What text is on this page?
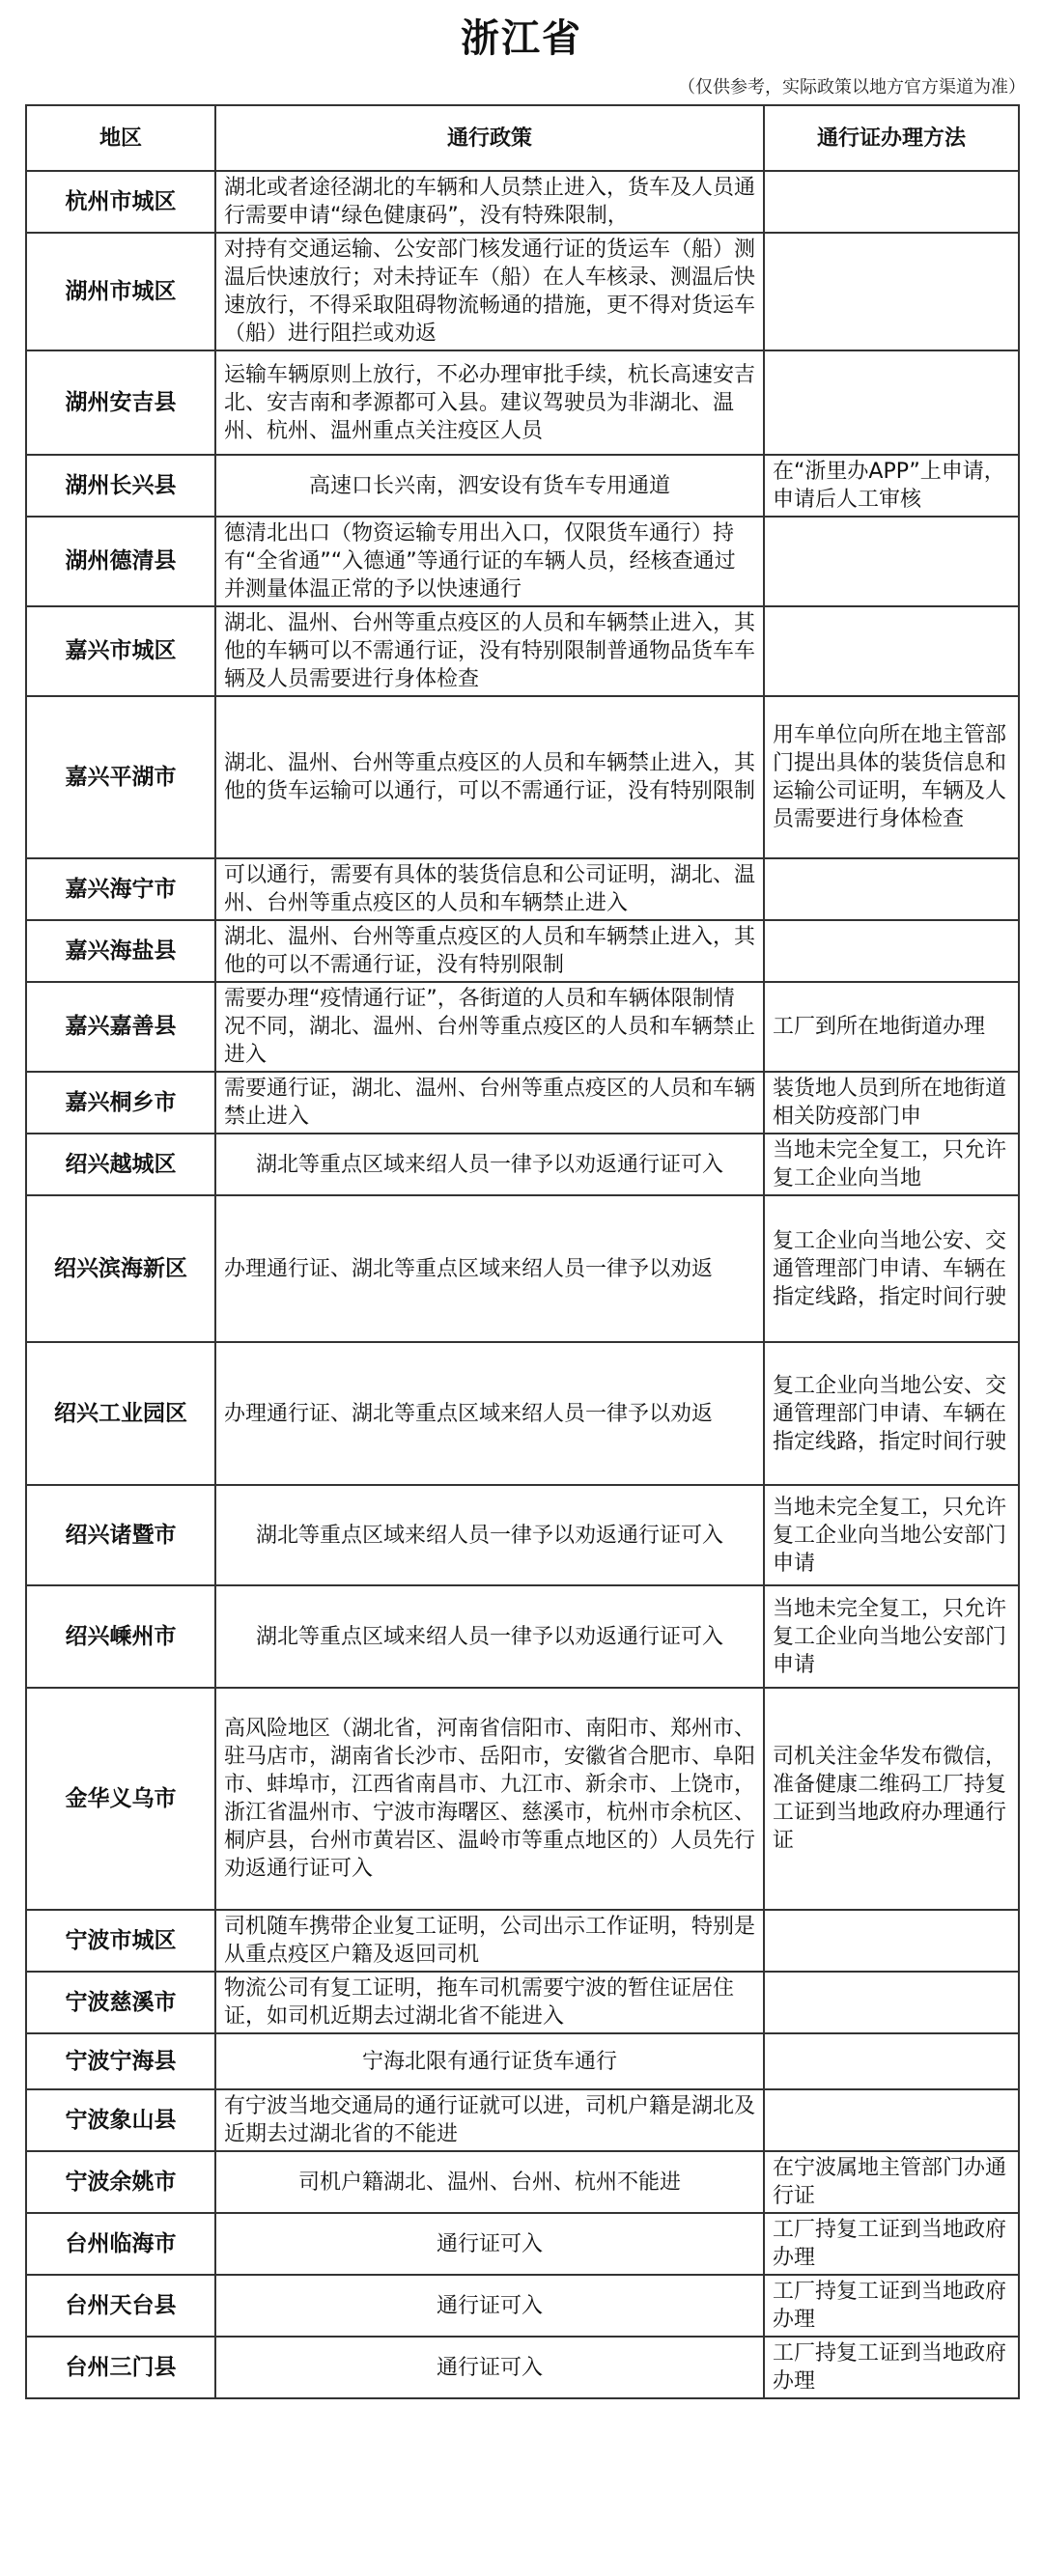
浙江省
（仅供参考，实际政策以地方官方渠道为准）
地区	通行政策	通行证办理方法
杭州市城区	湖北或者途径湖北的车辆和人员禁止进入，货车及人员通行需要申请“绿色健康码”，没有特殊限制，	
湖州市城区	对持有交通运输、公安部门核发通行证的货运车（船）测温后快速放行；对未持证车（船）在人车核录、测温后快速放行，不得采取阻碍物流畅通的措施，更不得对货运车（船）进行阻拦或劝返	
湖州安吉县	运输车辆原则上放行，不必办理审批手续，杭长高速安吉北、安吉南和孝源都可入县。建议驾驶员为非湖北、温州、杭州、温州重点关注疫区人员	
湖州长兴县	高速口长兴南，泗安设有货车专用通道	在“浙里办APP”上申请，申请后人工审核
湖州德清县	德清北出口（物资运输专用出入口，仅限货车通行）持有“全省通”“入德通”等通行证的车辆人员，经核查通过并测量体温正常的予以快速通行	
嘉兴市城区	湖北、温州、台州等重点疫区的人员和车辆禁止进入，其他的车辆可以不需通行证，没有特别限制普通物品货车车辆及人员需要进行身体检查	
嘉兴平湖市	湖北、温州、台州等重点疫区的人员和车辆禁止进入，其他的货车运输可以通行，可以不需通行证，没有特别限制	用车单位向所在地主管部门提出具体的装货信息和运输公司证明，车辆及人员需要进行身体检查
嘉兴海宁市	可以通行，需要有具体的装货信息和公司证明，湖北、温州、台州等重点疫区的人员和车辆禁止进入	
嘉兴海盐县	湖北、温州、台州等重点疫区的人员和车辆禁止进入，其他的可以不需通行证，没有特别限制	
嘉兴嘉善县	需要办理“疫情通行证”，各街道的人员和车辆体限制情况不同，湖北、温州、台州等重点疫区的人员和车辆禁止进入	工厂到所在地街道办理
嘉兴桐乡市	需要通行证，湖北、温州、台州等重点疫区的人员和车辆禁止进入	装货地人员到所在地街道相关防疫部门申
绍兴越城区	湖北等重点区域来绍人员一律予以劝返通行证可入	当地未完全复工，只允许复工企业向当地
绍兴滨海新区	办理通行证、湖北等重点区域来绍人员一律予以劝返	复工企业向当地公安、交通管理部门申请、车辆在指定线路，指定时间行驶
绍兴工业园区	办理通行证、湖北等重点区域来绍人员一律予以劝返	复工企业向当地公安、交通管理部门申请、车辆在指定线路，指定时间行驶
绍兴诸暨市	湖北等重点区域来绍人员一律予以劝返通行证可入	当地未完全复工，只允许复工企业向当地公安部门申请
绍兴嵊州市	湖北等重点区域来绍人员一律予以劝返通行证可入	当地未完全复工，只允许复工企业向当地公安部门申请
金华义乌市	高风险地区（湖北省，河南省信阳市、南阳市、郑州市、驻马店市，湖南省长沙市、岳阳市，安徽省合肥市、阜阳市、蚌埠市，江西省南昌市、九江市、新余市、上饶市，浙江省温州市、宁波市海曙区、慈溪市，杭州市余杭区、桐庐县，台州市黄岩区、温岭市等重点地区的）人员先行劝返通行证可入	司机关注金华发布微信，准备健康二维码工厂持复工证到当地政府办理通行证
宁波市城区	司机随车携带企业复工证明，公司出示工作证明，特别是从重点疫区户籍及返回司机	
宁波慈溪市	物流公司有复工证明，拖车司机需要宁波的暂住证居住证，如司机近期去过湖北省不能进入	
宁波宁海县	宁海北限有通行证货车通行	
宁波象山县	有宁波当地交通局的通行证就可以进，司机户籍是湖北及近期去过湖北省的不能进	
宁波余姚市	司机户籍湖北、温州、台州、杭州不能进	在宁波属地主管部门办通行证
台州临海市	通行证可入	工厂持复工证到当地政府办理
台州天台县	通行证可入	工厂持复工证到当地政府办理
台州三门县	通行证可入	工厂持复工证到当地政府办理
